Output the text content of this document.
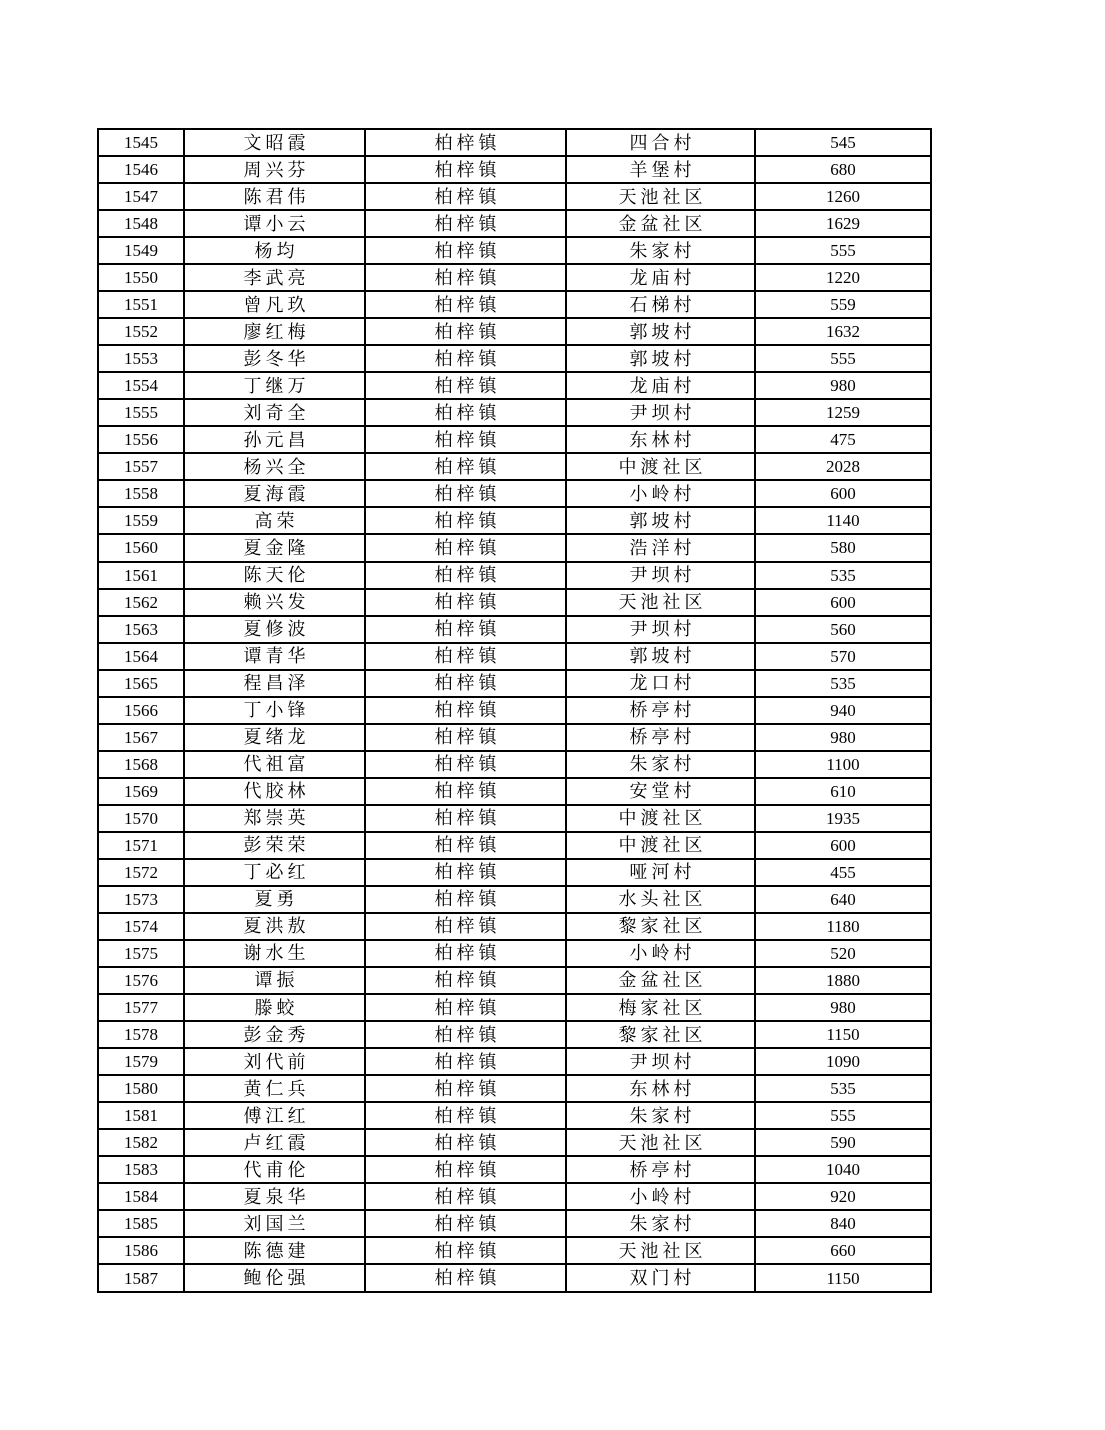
1545	文昭霞	柏梓镇	四合村	545
1546	周兴芬	柏梓镇	羊堡村	680
1547	陈君伟	柏梓镇	天池社区	1260
1548	谭小云	柏梓镇	金盆社区	1629
1549	杨均	柏梓镇	朱家村	555
1550	李武亮	柏梓镇	龙庙村	1220
1551	曾凡玖	柏梓镇	石梯村	559
1552	廖红梅	柏梓镇	郭坡村	1632
1553	彭冬华	柏梓镇	郭坡村	555
1554	丁继万	柏梓镇	龙庙村	980
1555	刘奇全	柏梓镇	尹坝村	1259
1556	孙元昌	柏梓镇	东林村	475
1557	杨兴全	柏梓镇	中渡社区	2028
1558	夏海霞	柏梓镇	小岭村	600
1559	高荣	柏梓镇	郭坡村	1140
1560	夏金隆	柏梓镇	浩洋村	580
1561	陈天伦	柏梓镇	尹坝村	535
1562	赖兴发	柏梓镇	天池社区	600
1563	夏修波	柏梓镇	尹坝村	560
1564	谭青华	柏梓镇	郭坡村	570
1565	程昌泽	柏梓镇	龙口村	535
1566	丁小锋	柏梓镇	桥亭村	940
1567	夏绪龙	柏梓镇	桥亭村	980
1568	代祖富	柏梓镇	朱家村	1100
1569	代胶林	柏梓镇	安堂村	610
1570	郑崇英	柏梓镇	中渡社区	1935
1571	彭荣荣	柏梓镇	中渡社区	600
1572	丁必红	柏梓镇	哑河村	455
1573	夏勇	柏梓镇	水头社区	640
1574	夏洪敖	柏梓镇	黎家社区	1180
1575	谢水生	柏梓镇	小岭村	520
1576	谭振	柏梓镇	金盆社区	1880
1577	滕蛟	柏梓镇	梅家社区	980
1578	彭金秀	柏梓镇	黎家社区	1150
1579	刘代前	柏梓镇	尹坝村	1090
1580	黄仁兵	柏梓镇	东林村	535
1581	傅江红	柏梓镇	朱家村	555
1582	卢红霞	柏梓镇	天池社区	590
1583	代甫伦	柏梓镇	桥亭村	1040
1584	夏泉华	柏梓镇	小岭村	920
1585	刘国兰	柏梓镇	朱家村	840
1586	陈德建	柏梓镇	天池社区	660
1587	鲍伦强	柏梓镇	双门村	1150
